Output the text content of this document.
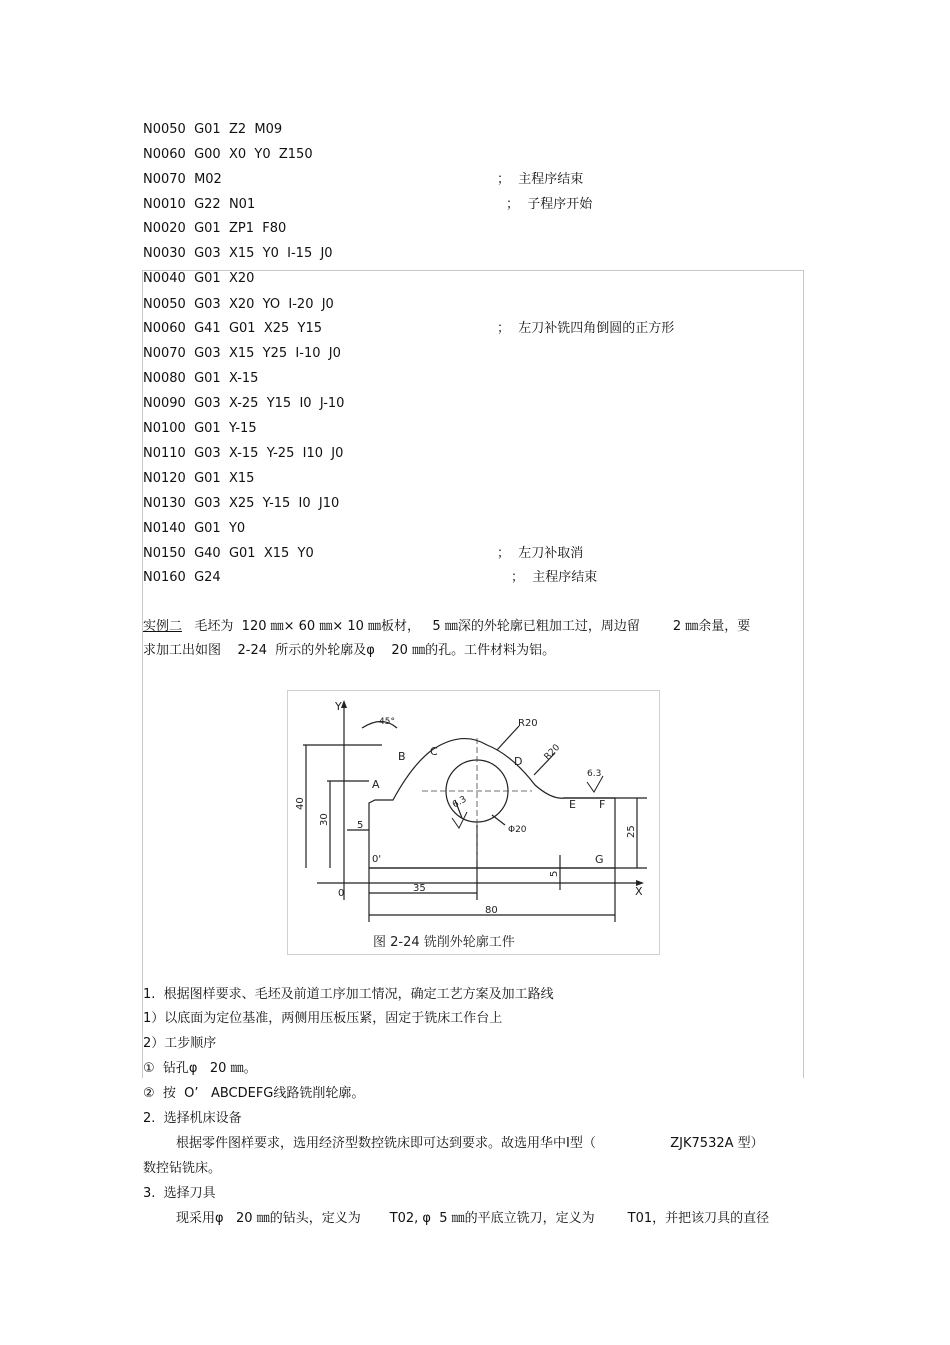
N0050  G01  Z2  M09
N0060  G00  X0  Y0  Z150
N0070  M02	；  主程序结束
N0010  G22  N01	；  子程序开始
N0020  G01  ZP1  F80
N0030  G03  X15  Y0  I-15  J0
N0040  G01  X20
N0050  G03  X20  YO  I-20  J0
N0060  G41  G01  X25  Y15	；  左刀补铣四角倒圆的正方形
N0070  G03  X15  Y25  I-10  J0
N0080  G01  X-15
N0090  G03  X-25  Y15  I0  J-10
N0100  G01  Y-15
N0110  G03  X-15  Y-25  I10  J0
N0120  G01  X15
N0130  G03  X25  Y-15  I0  J10
N0140  G01  Y0
N0150  G40  G01  X15  Y0	；  左刀补取消
N0160  G24	；  主程序结束
实例二   毛坯为  120 ㎜× 60 ㎜× 10 ㎜板材，   5 ㎜深的外轮廓已粗加工过，周边留        2 ㎜余量，要
求加工出如图    2-24  所示的外轮廓及φ    20 ㎜的孔。工件材料为铝。
Y
X
45°	R20
R20
A
B C
D
E F
G
0
0'
Φ20
6.3
6.3
40
30	5
5
25
35
80
图 2-24 铣削外轮廓工件
1.  根据图样要求、毛坯及前道工序加工情况，确定工艺方案及加工路线
1）以底面为定位基准，两侧用压板压紧，固定于铣床工作台上
2）工步顺序
①  钻孔φ   20 ㎜。
②  按  O’   ABCDEFG线路铣削轮廓。
2.  选择机床设备
根据零件图样要求，选用经济型数控铣床即可达到要求。故选用华中Ⅰ型（                  ZJK7532A 型）
数控钻铣床。
3.  选择刀具
现采用φ   20 ㎜的钻头，定义为       T02, φ  5 ㎜的平底立铣刀，定义为        T01，并把该刀具的直径
